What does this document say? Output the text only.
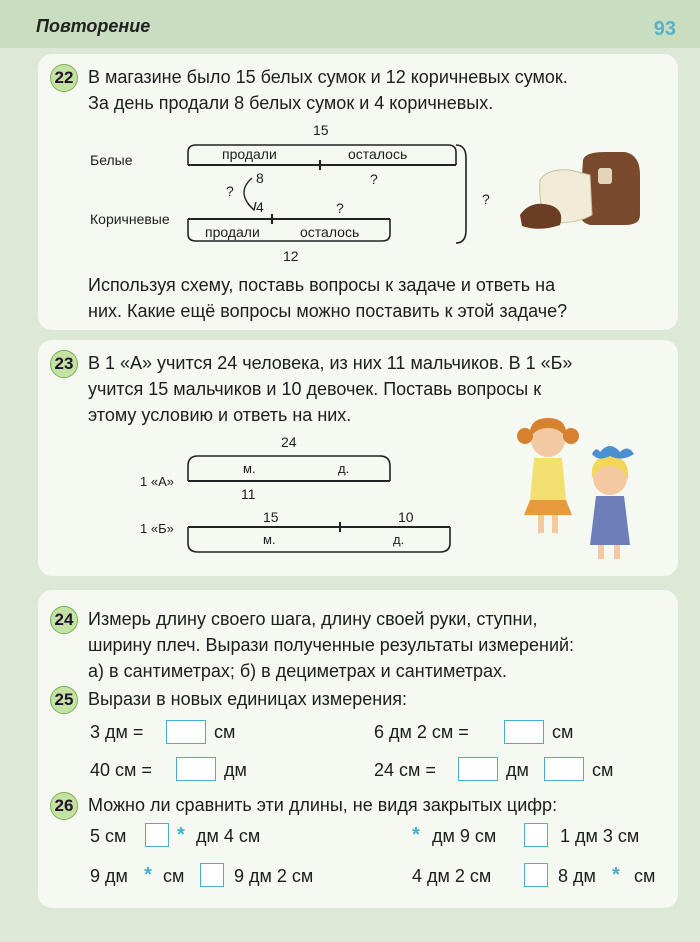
Повторение	93
22 В магазине было 15 белых сумок и 12 коричневых сумок.
За день продали 8 белых сумок и 4 коричневых.
Белые
Коричневые
15
продали	осталось
?
8	?
4	?
продали	осталось
12
?
Используя схему, поставь вопросы к задаче и ответь на
них. Какие ещё вопросы можно поставить к этой задаче?
23 В 1 «А» учится 24 человека, из них 11 мальчиков. В 1 «Б»
учится 15 мальчиков и 10 девочек. Поставь вопросы к
этому условию и ответь на них.
24
м.	д.
1 «А»
11
1 «Б»
15	10
м.	д.
24 Измерь длину своего шага, длину своей руки, ступни,
ширину плеч. Вырази полученные результаты измерений:
а) в сантиметрах; б) в дециметрах и сантиметрах.
25 Вырази в новых единицах измерения:
3 дм =	см	6 дм 2 см =	см
40 см =	дм	24 см =	дм	см
26 Можно ли сравнить эти длины, не видя закрытых цифр:
5 см	* дм 4 см	* дм 9 см	1 дм 3 см
9 дм * см	9 дм 2 см	4 дм 2 см	8 дм * см
